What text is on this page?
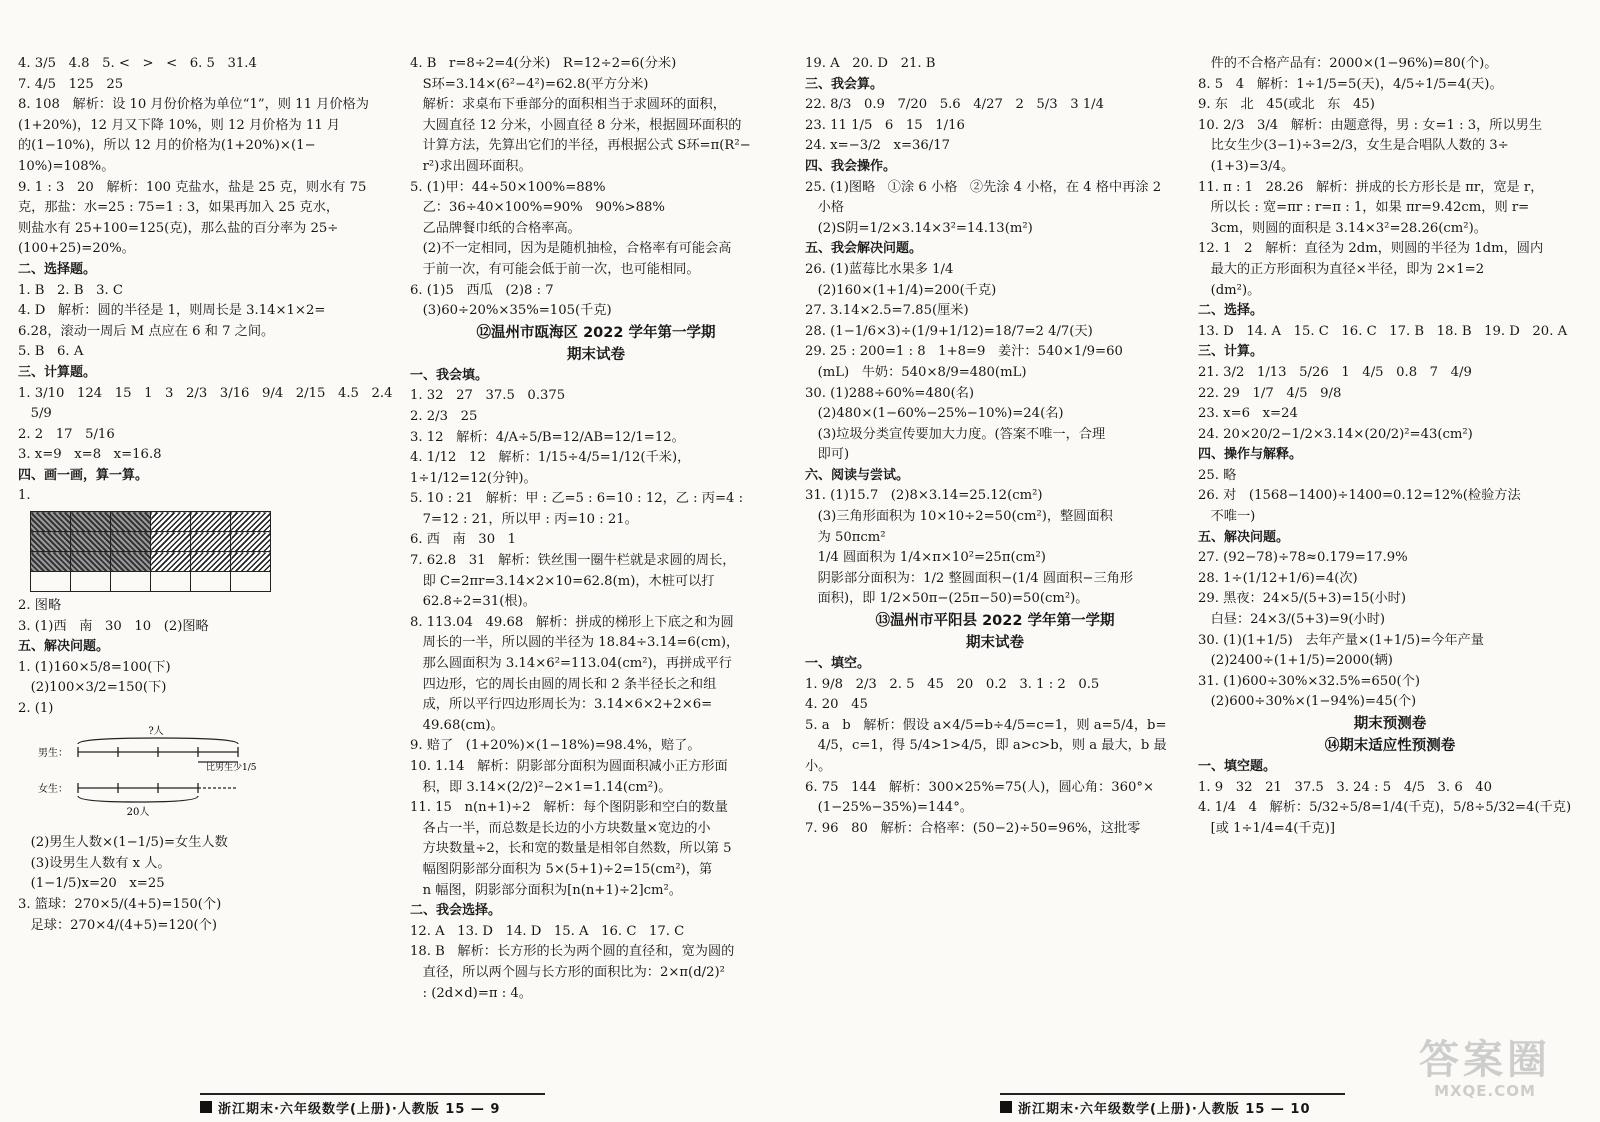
4. 3/5   4.8   5. <   >   <   6. 5   31.4
7. 4/5   125   25
8. 108   解析：设 10 月份价格为单位“1”，则 11 月价格为
(1+20%)，12 月又下降 10%，则 12 月价格为 11 月
的(1−10%)，所以 12 月的价格为(1+20%)×(1−
10%)=108%。
9. 1 : 3   20   解析：100 克盐水，盐是 25 克，则水有 75
克，那盐：水=25 : 75=1 : 3，如果再加入 25 克水，
则盐水有 25+100=125(克)，那么盐的百分率为 25÷
(100+25)=20%。
二、选择题。
1. B   2. B   3. C
4. D   解析：圆的半径是 1，则周长是 3.14×1×2=
6.28，滚动一周后 M 点应在 6 和 7 之间。
5. B   6. A
三、计算题。
1. 3/10   124   15   1   3   2/3   3/16   9/4   2/15   4.5   2.4
5/9
2. 2   17   5/16
3. x=9   x=8   x=16.8
四、画一画，算一算。
1.

2. 图略
3. (1)西   南   30   10   (2)图略
五、解决问题。
1. (1)160×5/8=100(下)
(2)100×3/2=150(下)
2. (1)
?人
男生：
比男生少1/5
女生：
20人
(2)男生人数×(1−1/5)=女生人数
(3)设男生人数有 x 人。
(1−1/5)x=20   x=25
3. 篮球：270×5/(4+5)=150(个)
足球：270×4/(4+5)=120(个)
4. B   r=8÷2=4(分米)   R=12÷2=6(分米)
S环=3.14×(6²−4²)=62.8(平方分米)
解析：求桌布下垂部分的面积相当于求圆环的面积，
大圆直径 12 分米，小圆直径 8 分米，根据圆环面积的
计算方法，先算出它们的半径，再根据公式 S环=π(R²−
r²)求出圆环面积。
5. (1)甲：44÷50×100%=88%
乙：36÷40×100%=90%   90%>88%
乙品牌餐巾纸的合格率高。
(2)不一定相同，因为是随机抽检，合格率有可能会高
于前一次，有可能会低于前一次，也可能相同。
6. (1)5   西瓜   (2)8 : 7
(3)60÷20%×35%=105(千克)
⑫温州市瓯海区 2022 学年第一学期
期末试卷
一、我会填。
1. 32   27   37.5   0.375
2. 2/3   25
3. 12   解析：4/A÷5/B=12/AB=12/1=12。
4. 1/12   12   解析：1/15÷4/5=1/12(千米)，1÷1/12=12(分钟)。
5. 10 : 21   解析：甲 : 乙=5 : 6=10 : 12，乙 : 丙=4 :
7=12 : 21，所以甲 : 丙=10 : 21。
6. 西   南   30   1
7. 62.8   31   解析：铁丝围一圈牛栏就是求圆的周长，
即 C=2πr=3.14×2×10=62.8(m)，木桩可以打
62.8÷2=31(根)。
8. 113.04   49.68   解析：拼成的梯形上下底之和为圆
周长的一半，所以圆的半径为 18.84÷3.14=6(cm)，
那么圆面积为 3.14×6²=113.04(cm²)，再拼成平行
四边形，它的周长由圆的周长和 2 条半径长之和组
成，所以平行四边形周长为：3.14×6×2+2×6=
49.68(cm)。
9. 赔了   (1+20%)×(1−18%)=98.4%，赔了。
10. 1.14   解析：阴影部分面积为圆面积减小正方形面
积，即 3.14×(2/2)²−2×1=1.14(cm²)。
11. 15   n(n+1)÷2   解析：每个图阴影和空白的数量
各占一半，而总数是长边的小方块数量×宽边的小
方块数量÷2，长和宽的数量是相邻自然数，所以第 5
幅图阴影部分面积为 5×(5+1)÷2=15(cm²)，第
n 幅图，阴影部分面积为[n(n+1)÷2]cm²。
二、我会选择。
12. A   13. D   14. D   15. A   16. C   17. C
18. B   解析：长方形的长为两个圆的直径和，宽为圆的
直径，所以两个圆与长方形的面积比为：2×π(d/2)²
: (2d×d)=π : 4。
19. A   20. D   21. B
三、我会算。
22. 8/3   0.9   7/20   5.6   4/27   2   5/3   3 1/4
23. 11 1/5   6   15   1/16
24. x=−3/2   x=36/17
四、我会操作。
25. (1)图略   ①涂 6 小格   ②先涂 4 小格，在 4 格中再涂 2
小格
(2)S阴=1/2×3.14×3²=14.13(m²)
五、我会解决问题。
26. (1)蓝莓比水果多 1/4
(2)160×(1+1/4)=200(千克)
27. 3.14×2.5=7.85(厘米)
28. (1−1/6×3)÷(1/9+1/12)=18/7=2 4/7(天)
29. 25 : 200=1 : 8   1+8=9   姜汁：540×1/9=60
(mL)   牛奶：540×8/9=480(mL)
30. (1)288÷60%=480(名)
(2)480×(1−60%−25%−10%)=24(名)
(3)垃圾分类宣传要加大力度。(答案不唯一，合理
即可)
六、阅读与尝试。
31. (1)15.7   (2)8×3.14=25.12(cm²)
(3)三角形面积为 10×10÷2=50(cm²)，整圆面积
为 50πcm²
1/4 圆面积为 1/4×π×10²=25π(cm²)
阴影部分面积为：1/2 整圆面积−(1/4 圆面积−三角形
面积)，即 1/2×50π−(25π−50)=50(cm²)。
⑬温州市平阳县 2022 学年第一学期
期末试卷
一、填空。
1. 9/8   2/3   2. 5   45   20   0.2   3. 1 : 2   0.5
4. 20   45
5. a   b   解析：假设 a×4/5=b÷4/5=c=1，则 a=5/4，b=
4/5，c=1，得 5/4>1>4/5，即 a>c>b，则 a 最大，b 最小。
6. 75   144   解析：300×25%=75(人)，圆心角：360°×
(1−25%−35%)=144°。
7. 96   80   解析：合格率：(50−2)÷50=96%，这批零
件的不合格产品有：2000×(1−96%)=80(个)。
8. 5   4   解析：1÷1/5=5(天)，4/5÷1/5=4(天)。
9. 东   北   45(或北   东   45)
10. 2/3   3/4   解析：由题意得，男 : 女=1 : 3，所以男生
比女生少(3−1)÷3=2/3，女生是合唱队人数的 3÷
(1+3)=3/4。
11. π : 1   28.26   解析：拼成的长方形长是 πr，宽是 r，
所以长 : 宽=πr : r=π : 1，如果 πr=9.42cm，则 r=
3cm，则圆的面积是 3.14×3²=28.26(cm²)。
12. 1   2   解析：直径为 2dm，则圆的半径为 1dm，圆内
最大的正方形面积为直径×半径，即为 2×1=2
(dm²)。
二、选择。
13. D   14. A   15. C   16. C   17. B   18. B   19. D   20. A
三、计算。
21. 3/2   1/13   5/26   1   4/5   0.8   7   4/9
22. 29   1/7   4/5   9/8
23. x=6   x=24
24. 20×20/2−1/2×3.14×(20/2)²=43(cm²)
四、操作与解释。
25. 略
26. 对   (1568−1400)÷1400=0.12=12%(检验方法
不唯一)
五、解决问题。
27. (92−78)÷78≈0.179=17.9%
28. 1÷(1/12+1/6)=4(次)
29. 黑夜：24×5/(5+3)=15(小时)
白昼：24×3/(5+3)=9(小时)
30. (1)(1+1/5)   去年产量×(1+1/5)=今年产量
(2)2400÷(1+1/5)=2000(辆)
31. (1)600÷30%×32.5%=650(个)
(2)600÷30%×(1−94%)=45(个)
期末预测卷
⑭期末适应性预测卷
一、填空题。
1. 9   32   21   37.5   3. 24 : 5   4/5   3. 6   40
4. 1/4   4   解析：5/32÷5/8=1/4(千克)，5/8÷5/32=4(千克)
[或 1÷1/4=4(千克)]
浙江期末·六年级数学(上册)·人教版 15 — 9	浙江期末·六年级数学(上册)·人教版 15 — 10
答案圈
MXQE.COM
